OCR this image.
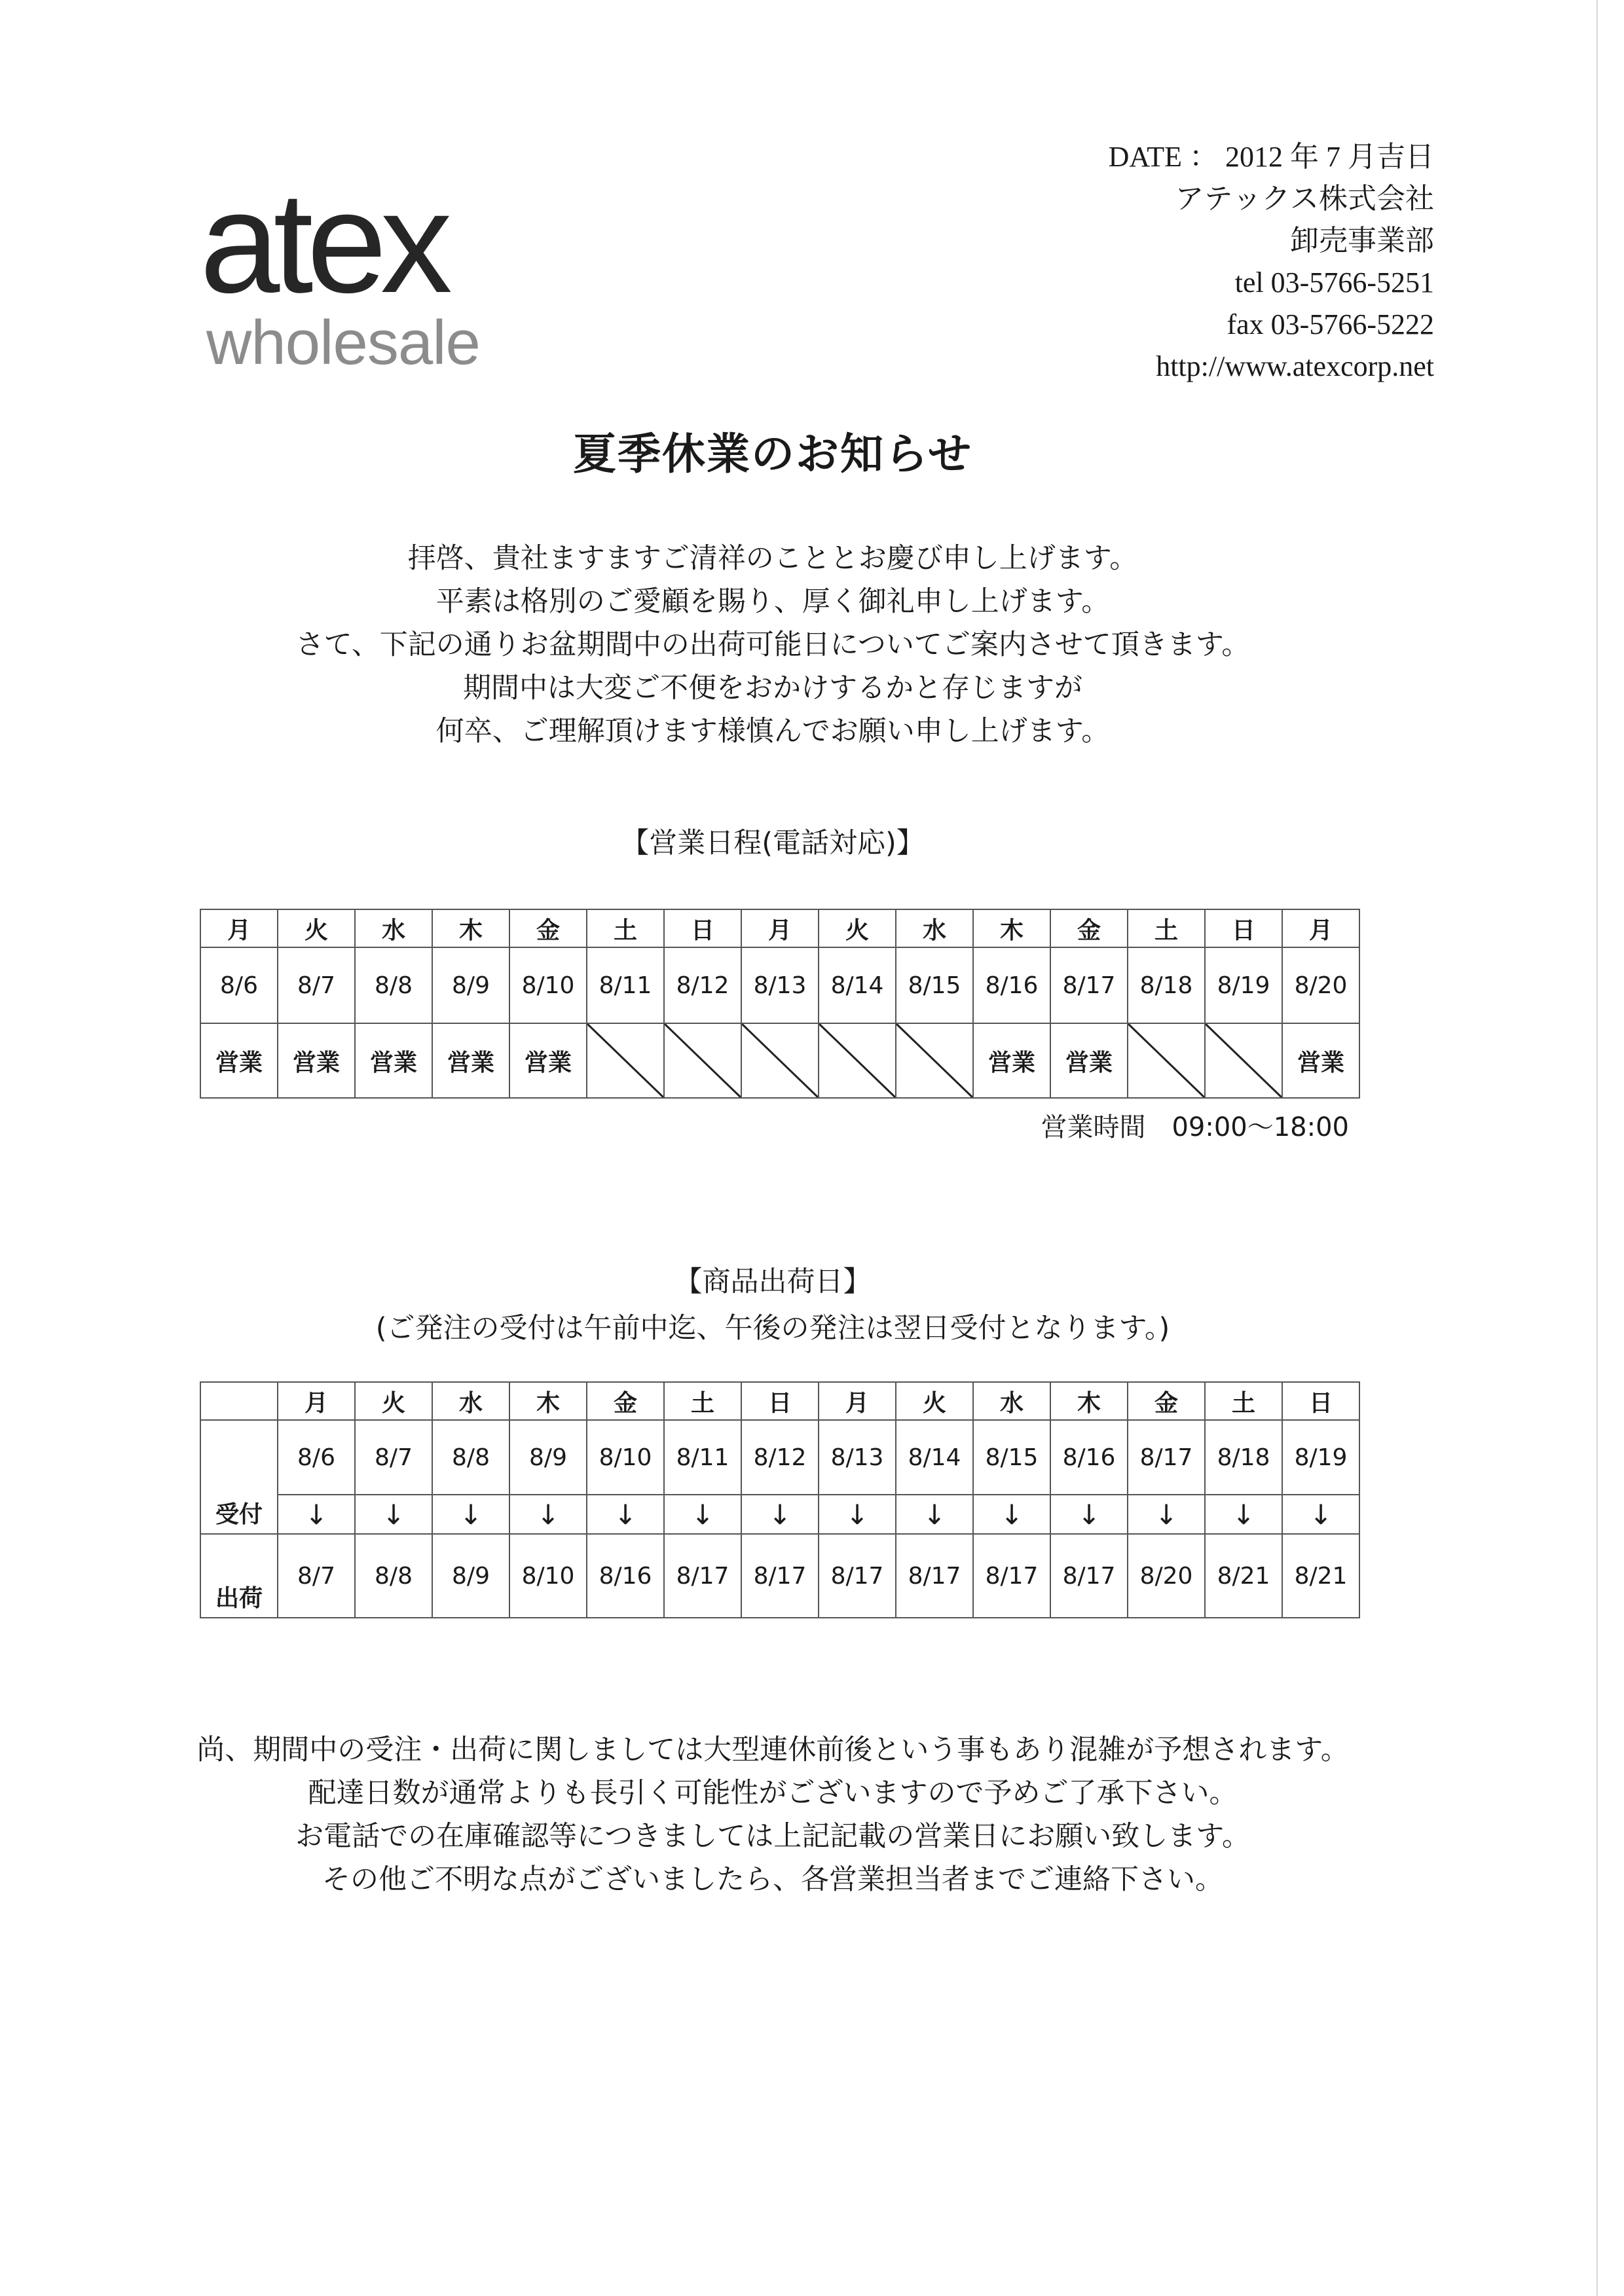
atex
wholesale
DATE ： 2012 年 7 月吉日
アテックス株式会社
卸売事業部
tel 03-5766-5251
fax 03-5766-5222
http://www.atexcorp.net
夏季休業のお知らせ
拝啓、貴社ますますご清祥のこととお慶び申し上げます。
平素は格別のご愛顧を賜り、厚く御礼申し上げます。
さて、下記の通りお盆期間中の出荷可能日についてご案内させて頂きます。
期間中は大変ご不便をおかけするかと存じますが
何卒、ご理解頂けます様慎んでお願い申し上げます。
【営業日程(電話対応)】
月	火	水	木	金	土	日	月	火	水	木	金	土	日	月
8/6	8/7	8/8	8/9	8/10	8/11	8/12	8/13	8/14	8/15	8/16	8/17	8/18	8/19	8/20
営業	営業	営業	営業	営業						営業	営業			営業
営業時間　09:00～18:00
【商品出荷日】
(ご発注の受付は午前中迄、午後の発注は翌日受付となります。)
	月	火	水	木	金	土	日	月	火	水	木	金	土	日
受付	8/6	8/7	8/8	8/9	8/10	8/11	8/12	8/13	8/14	8/15	8/16	8/17	8/18	8/19
	↓	↓	↓	↓	↓	↓	↓	↓	↓	↓	↓	↓	↓	↓
出荷	8/7	8/8	8/9	8/10	8/16	8/17	8/17	8/17	8/17	8/17	8/17	8/20	8/21	8/21
尚、期間中の受注・出荷に関しましては大型連休前後という事もあり混雑が予想されます。
配達日数が通常よりも長引く可能性がございますので予めご了承下さい。
お電話での在庫確認等につきましては上記記載の営業日にお願い致します。
その他ご不明な点がございましたら、各営業担当者までご連絡下さい。
